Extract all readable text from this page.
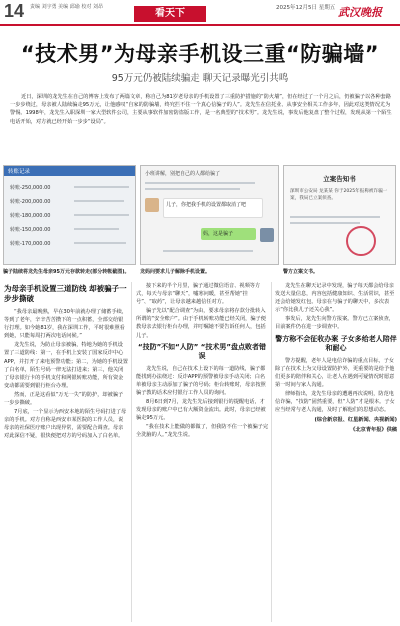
14 责编 刘宇勇 美编 邱瑜 校对 刘昂
看天下	2025年12月5日 星期五 武汉晚报
“技术男”为母亲手机设三重“防骗墙”
95万元仍被陆续骗走 聊天记录曝光引共鸣

近日，深圳的龙先生在自己的博客上发布了两篇文章，称自己为81岁老母亲的手机设置了三重防护措施的“防火墙”，但在经过了一个月之后，仍被骗子以各种套路一步步绕过，母亲被人陆续骗走95万元，让他感叹“自家的防骗墙，终究拦不住一个真心信骗子的人”。龙先生在信托业、从事安全相关工作多年，因此对这类情况尤为警惕。1998年，龙先生入职深圳一家大型软件公司，主要从事软件加密防盗版工作，是一名典型的“技术男”。龙先生说，事发后他复盘了整个过程，发现从第一个陌生电话开始，对方就已经开始一步步“设局”。

转账记录
转账-250,000.00
转账-200,000.00
转账-180,000.00
转账-150,000.00
转账-170,000.00
小班讲解，别把自己的人都给骗了
儿子，你把我手机的设置都取消了吧
妈，这是骗子
立案告知书
深圳市公安局 龙某某 你于2025年报称被诈骗一案，我局已立案侦查。
骗子陆续将龙先生母亲95万元存款转走(部分转帐截图)。	龙妈问要求儿子解除手机设置。	警方立案文书。
为母亲手机设置三道防线 却被骗子一步步撕破

“我母亲最晚熟，早在30年前就办理了储蓄手续，等到了老年，辛辛苦苦攒下的一点积蓄，全部交给银行打理。如今她81岁，我在深圳工作，平时很难照看到她，只能每周打两次电话问候。”

龙先生说，为防止母亲被骗，特地为她的手机设置了三道防线：第一，在手机上安装了国家反诈中心APP，并打开了来电预警功能；第二，为她的手机设置了白名单，陌生号码一律无法打进来；第三，他关闭了母亲银行卡的手机支付和网银转账功能，所有资金变动都需要到银行柜台办理。

然而，正是这看似“万无一失”的防护，却被骗子一步步撕破。

7月底，一个显示为西安本地的陌生号码打进了母亲的手机。对方自称是西安市某医院的工作人员，说母亲的社保医疗账户出现异常，需要配合调查。母亲对此深信不疑，很快便把对方的号码加入了白名单。

接下来的半个月里，骗子通过微信语音、视频等方式，每天与母亲“聊天”，嘘寒问暖，甚至帮她“挂号”、“取药”，让母亲越来越信任对方。

骗子先以“配合调查”为由，要求母亲将存款分批转入所谓的“安全账户”。由于手机转账功能已经关闭，骗子便教母亲去银行柜台办理，并叮嘱她不要告诉任何人，包括儿子。

“技防”不如“人防” “技术男”盘点败者错误

龙先生说，自己在技术上设下的每一道防线，骗子都能找到办法绕过：反诈APP的预警被母亲手动关闭；白名单被母亲主动添加了骗子的号码；柜台转账时，母亲按照骗子教的话术应付银行工作人员的询问。

8月6日到7月，龙先生先后接到银行的提醒电话，才发现母亲的账户中已有大额资金流出。此时，母亲已经被骗走95万元。

“我在技术上能做的都做了，但我防不住一个被骗子完全洗脑的人。”龙先生说。

龙先生在聊天记录中发现，骗子每天都会给母亲发送大量信息，内容包括健康知识、生活常识，甚至还会给她发红包。母亲在与骗子的聊天中，多次表示“你比我儿子还关心我”。

事发后，龙先生向警方报案。警方已立案侦查，目前案件仍在进一步调查中。

警方称不会征收办案 子女多给老人陪伴和耐心

警方提醒，老年人是电信诈骗的重点目标，子女除了在技术上为父母设置防护外，更重要的是给予他们更多的陪伴和关心，让老人在遇到可疑情况时愿意第一时间与家人沟通。

律师指出，龙先生母亲的遭遇再次说明，防范电信诈骗，“技防”固然重要，但“人防”才是根本。子女应当经常与老人沟通，及时了解他们的思想动态。

(综合新京报、红星新闻、央视新闻)

《北京青年报》供稿
